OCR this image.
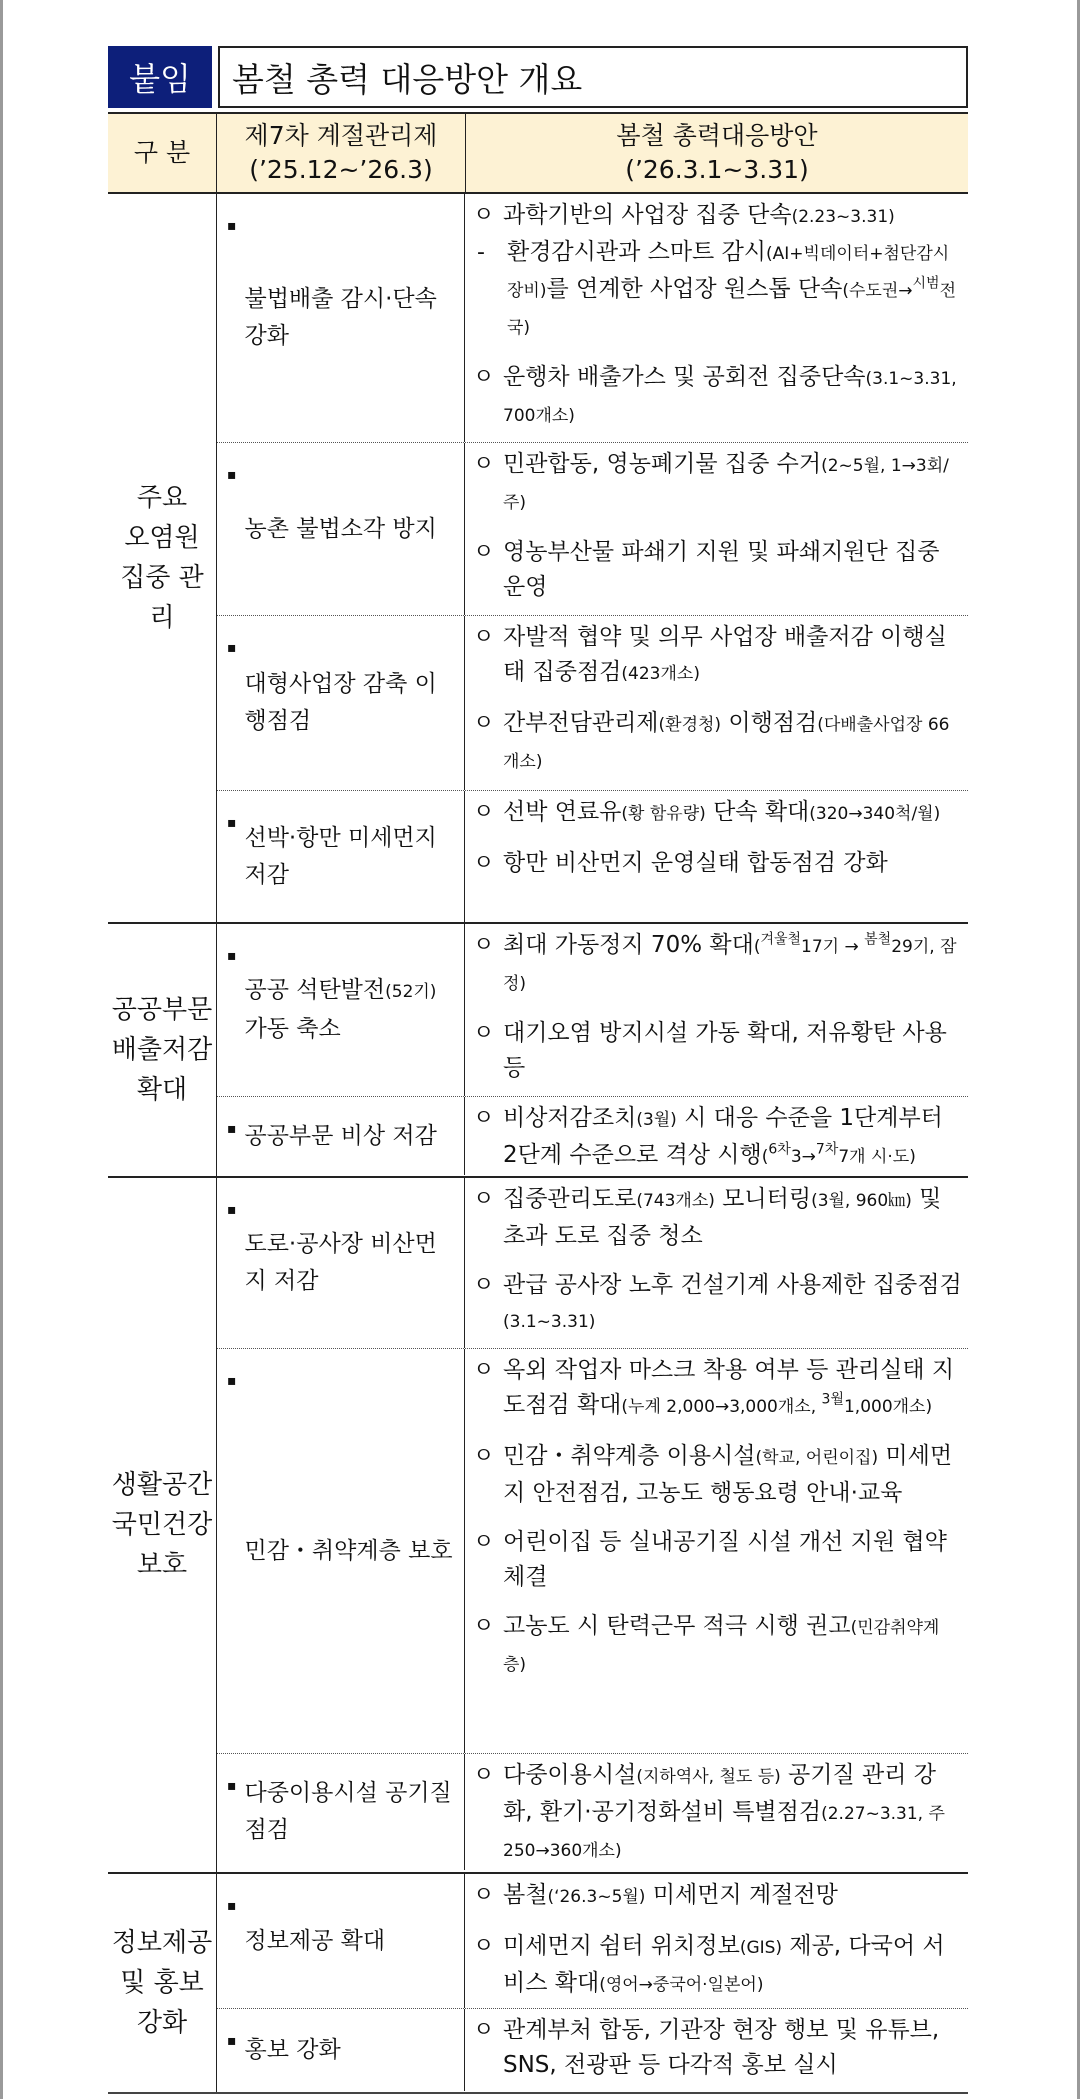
붙임	봄철 총력 대응방안 개요
구 분
제7차 계절관리제
(’25.12~’26.3)
봄철 총력대응방안
(’26.3.1~3.31)
주요
오염원
집중 관
리
▪
불법배출 감시·단속 강화
ㅇ 과학기반의 사업장 집중 단속(2.23~3.31)
- 환경감시관과 스마트 감시(AI+빅데이터+첨단감시장비)를 연계한 사업장 원스톱 단속(수도권→$^{시범}$전국)
ㅇ 운행차 배출가스 및 공회전 집중단속(3.1~3.31, 700개소)
▪
농촌 불법소각 방지
ㅇ 민관합동, 영농폐기물 집중 수거(2~5월, 1→3회/주)
ㅇ 영농부산물 파쇄기 지원 및 파쇄지원단 집중 운영
▪
대형사업장 감축 이행점검
ㅇ 자발적 협약 및 의무 사업장 배출저감 이행실태 집중점검(423개소)
ㅇ 간부전담관리제(환경청) 이행점검(다배출사업장 66개소)
▪
선박·항만 미세먼지 저감
ㅇ 선박 연료유(황 함유량) 단속 확대(320→340척/월)
ㅇ 항만 비산먼지 운영실태 합동점검 강화
공공부문
배출저감
확대
▪
공공 석탄발전(52기) 가동 축소
ㅇ 최대 가동정지 70% 확대($^{겨울철}$17기 → $^{봄철}$29기, 잠정)
ㅇ 대기오염 방지시설 가동 확대, 저유황탄 사용 등
▪ 공공부문 비상 저감
ㅇ 비상저감조치(3월) 시 대응 수준을 1단계부터 2단계 수준으로 격상 시행($^{6차}$3→$^{7차}$7개 시·도)
생활공간
국민건강
보호
▪
도로·공사장 비산먼지 저감
ㅇ 집중관리도로(743개소) 모니터링(3월, 960㎞) 및 초과 도로 집중 청소
ㅇ 관급 공사장 노후 건설기계 사용제한 집중점검(3.1~3.31)
▪
민감・취약계층 보호
ㅇ 옥외 작업자 마스크 착용 여부 등 관리실태 지도점검 확대(누계 2,000→3,000개소, $^{3월}$1,000개소)
ㅇ 민감・취약계층 이용시설(학교, 어린이집) 미세먼지 안전점검, 고농도 행동요령 안내·교육
ㅇ 어린이집 등 실내공기질 시설 개선 지원 협약체결
ㅇ 고농도 시 탄력근무 적극 시행 권고(민감취약계층)
▪ 다중이용시설 공기질 점검
ㅇ 다중이용시설(지하역사, 철도 등) 공기질 관리 강화, 환기·공기정화설비 특별점검(2.27~3.31, 주 250→360개소)
정보제공
및 홍보
강화
▪
정보제공 확대
ㅇ 봄철(‘26.3~5월) 미세먼지 계절전망
ㅇ 미세먼지 쉼터 위치정보(GIS) 제공, 다국어 서비스 확대(영어→중국어·일본어)
▪ 홍보 강화
ㅇ 관계부처 합동, 기관장 현장 행보 및 유튜브, SNS, 전광판 등 다각적 홍보 실시
